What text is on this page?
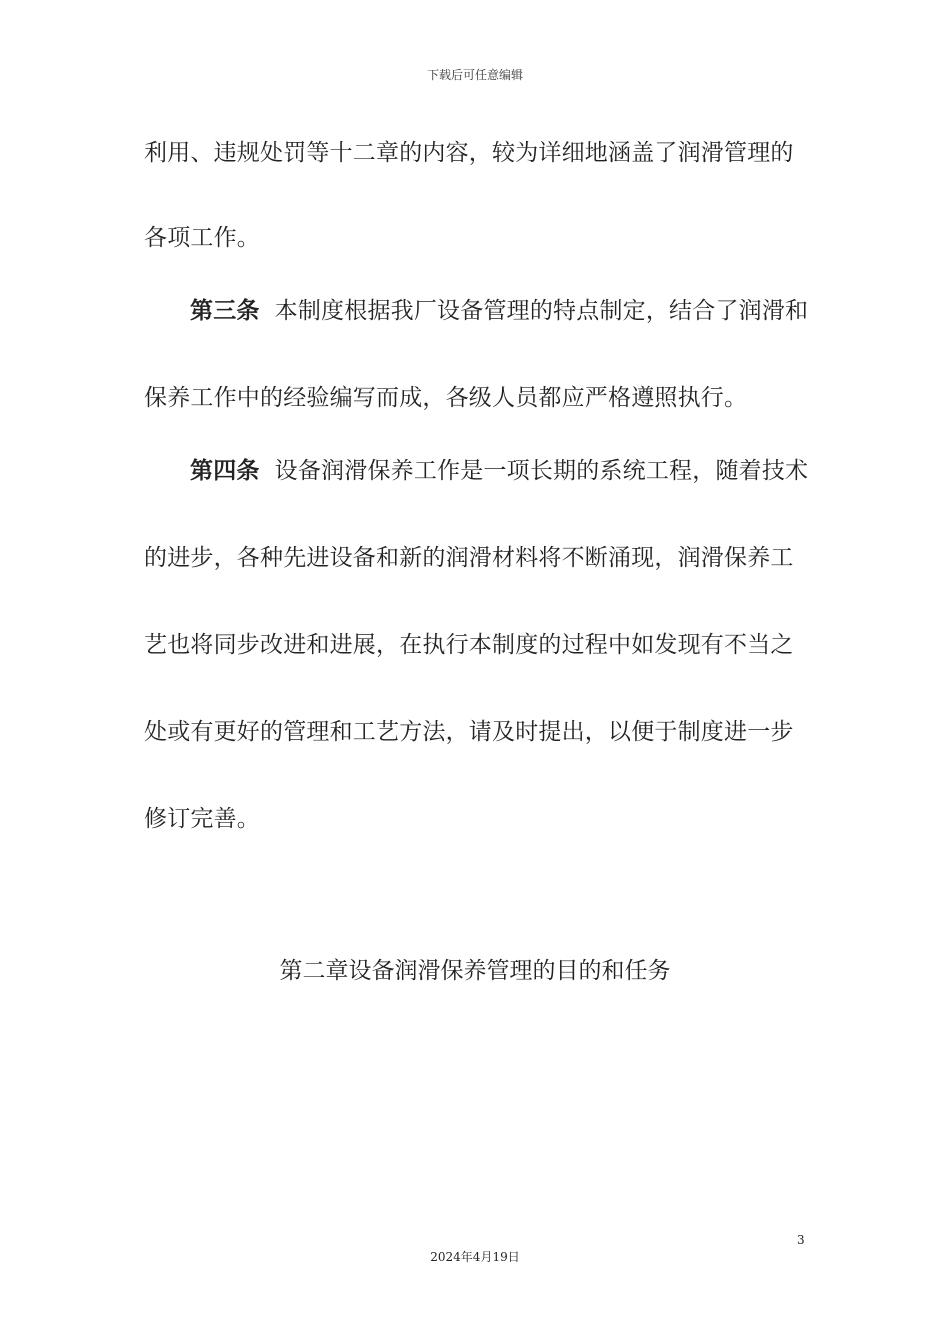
下载后可任意编辑
利用、违规处罚等十二章的内容，较为详细地涵盖了润滑管理的
各项工作。
第三条 本制度根据我厂设备管理的特点制定，结合了润滑和
保养工作中的经验编写而成，各级人员都应严格遵照执行。
第四条 设备润滑保养工作是一项长期的系统工程，随着技术
的进步，各种先进设备和新的润滑材料将不断涌现，润滑保养工
艺也将同步改进和进展，在执行本制度的过程中如发现有不当之
处或有更好的管理和工艺方法，请及时提出，以便于制度进一步
修订完善。
第二章设备润滑保养管理的目的和任务
3
2024年4月19日
